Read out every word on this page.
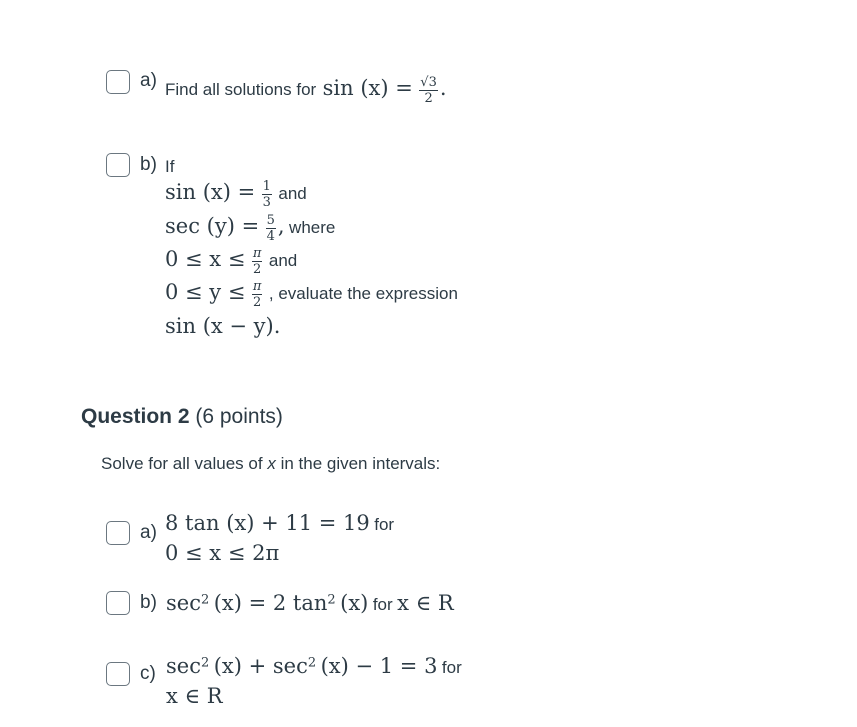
a) Find all solutions for $\sin (x) = \frac{√3}{2}$ .
b) If
$\sin (x) = \frac{1}{3}$ and
$\sec (y) = \frac{5}{4}$ , where
$0 \le x \le \frac{\pi}{2}$ and
$0 \le y \le \frac{\pi}{2}$ , evaluate the expression
sin (x − y).
Question 2 (6 points)
Solve for all values of x in the given intervals:
a) 8 tan (x) + 11 = 19 for
0 ≤ x ≤ 2π
b) $\sec^2 (x) = 2$ $\tan^2 (x)$ for x ∈ R
c) $\sec^2 (x) + \sec^2 (x) - 1 = 3$ for
x ∈ R
